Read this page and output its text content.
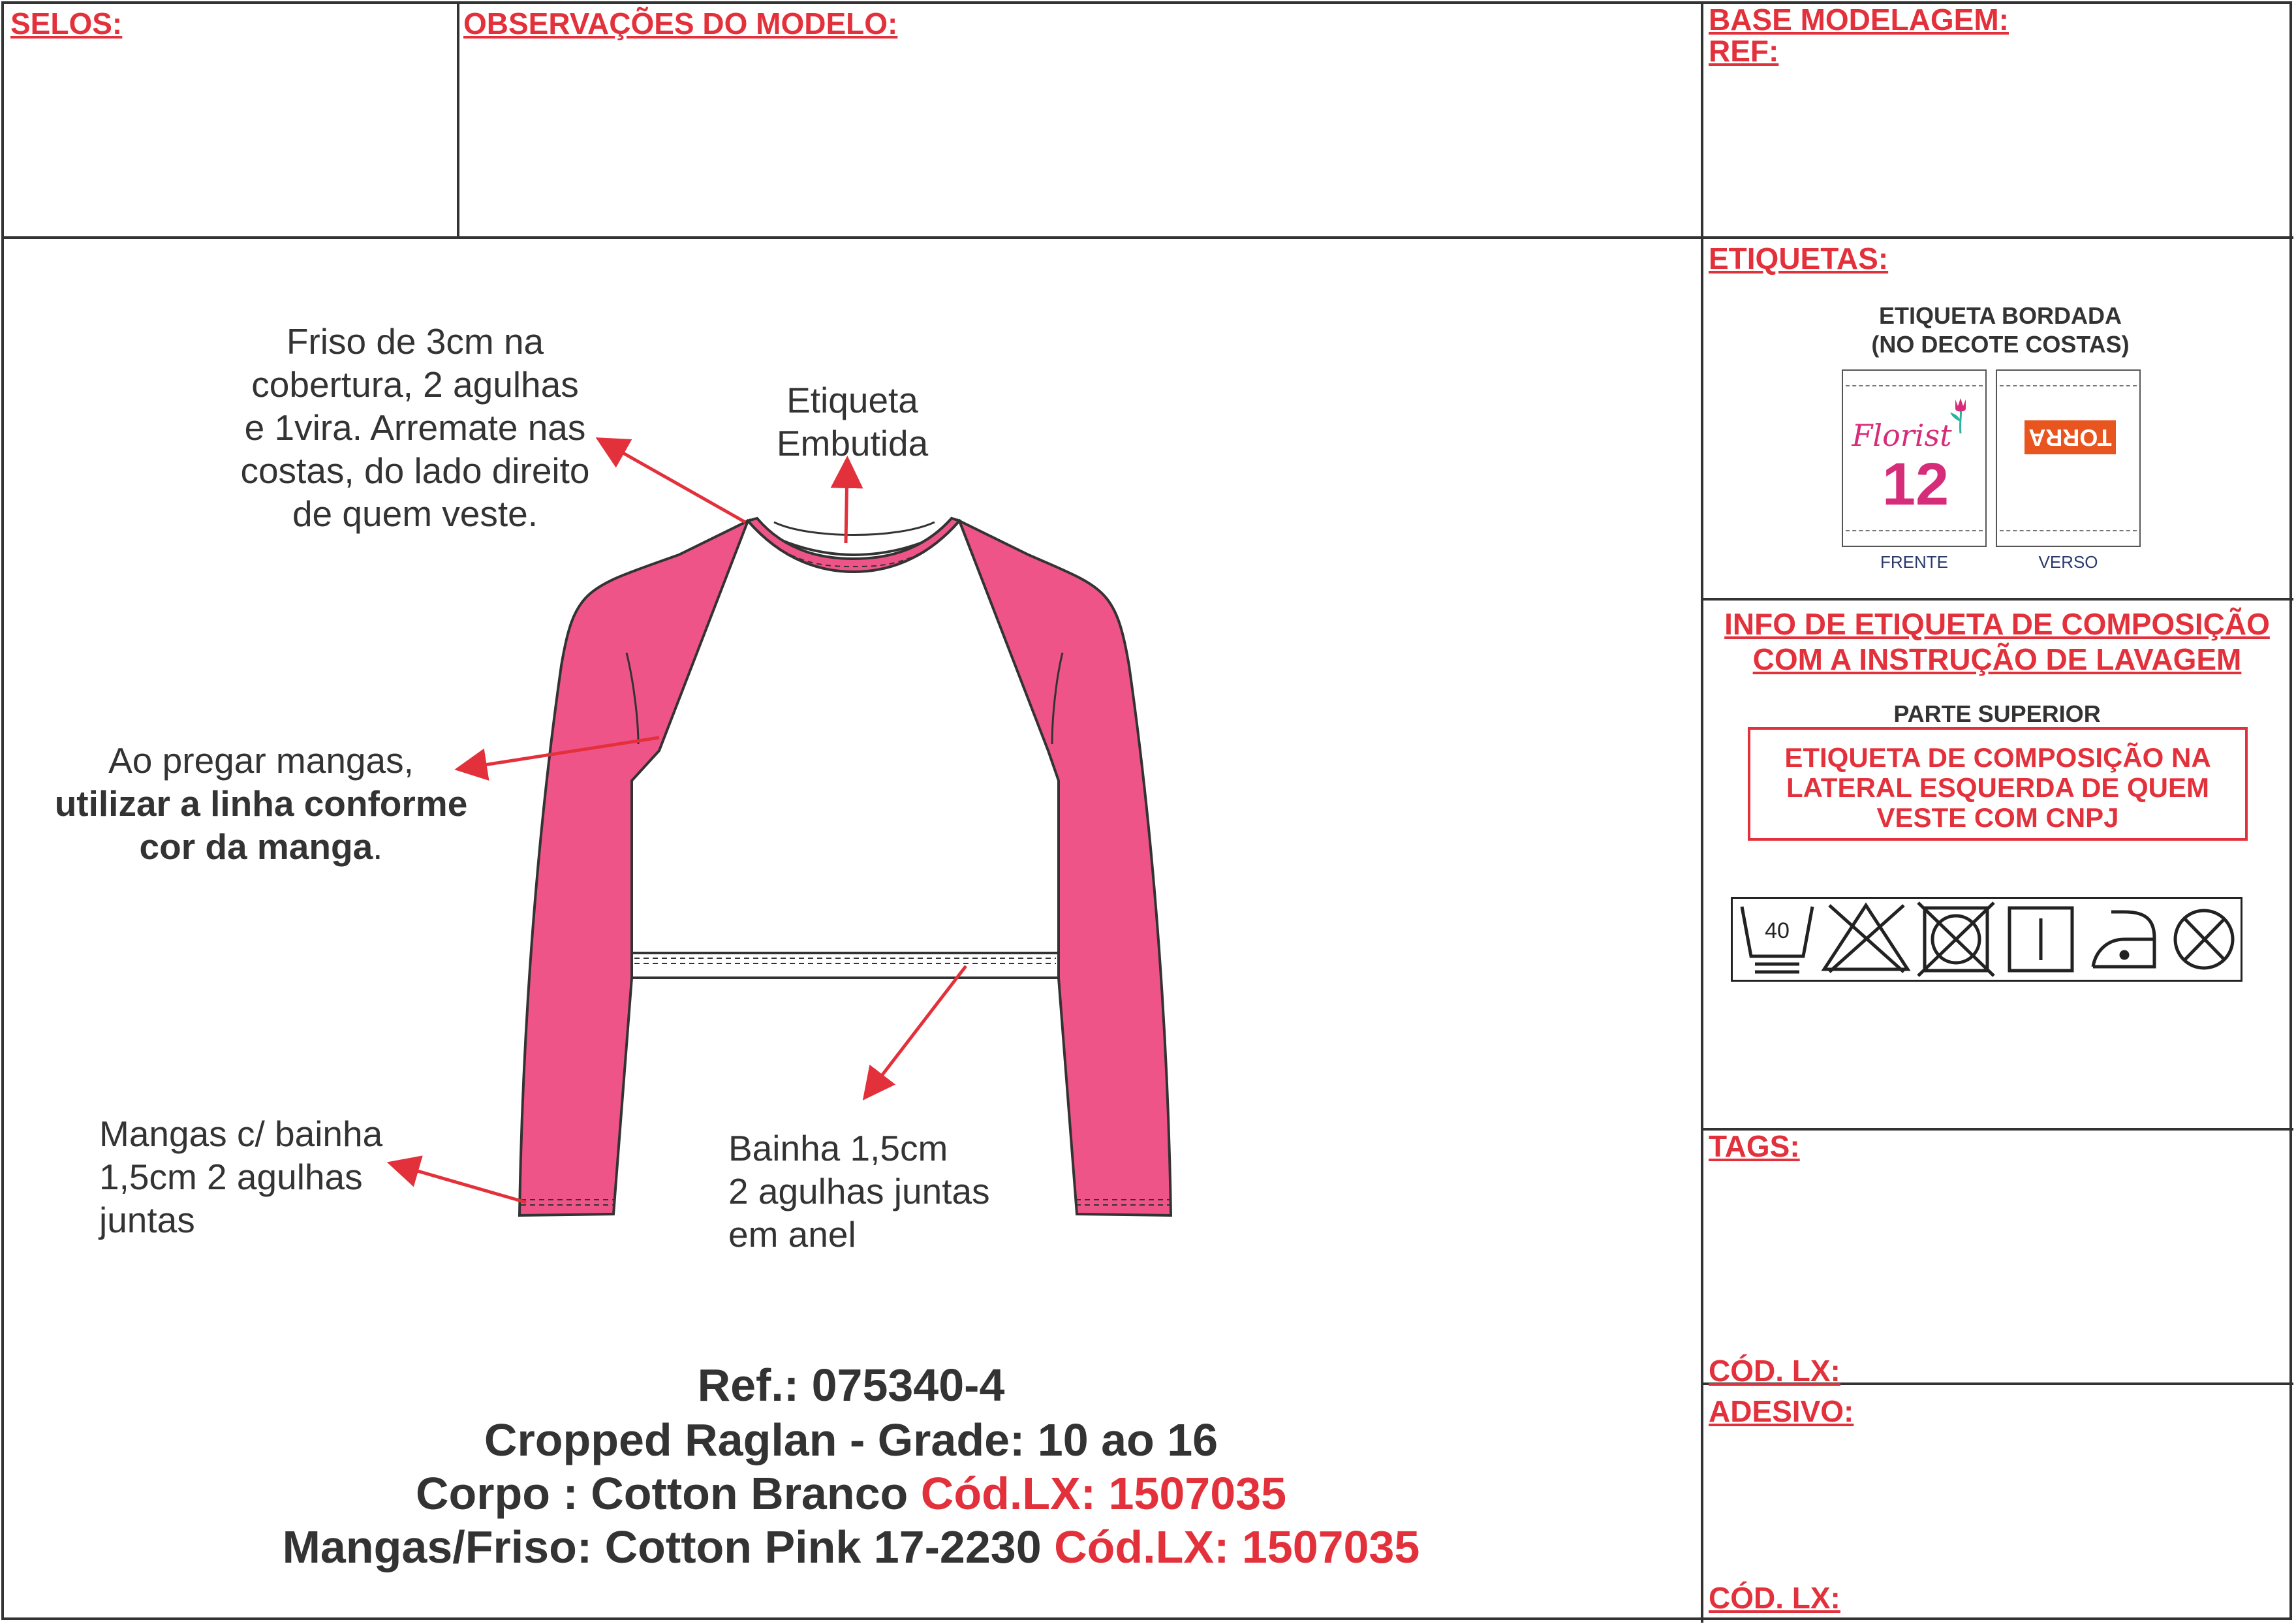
SELOS:	OBSERVAÇÕES DO MODELO:	BASE MODELAGEM:
REF:
ETIQUETAS:
ETIQUETA BORDADA
(NO DECOTE COSTAS)
Florist
12
TORRA
FRENTE	VERSO
INFO DE ETIQUETA DE COMPOSIÇÃO
COM A INSTRUÇÃO DE LAVAGEM
PARTE SUPERIOR
ETIQUETA DE COMPOSIÇÃO NA
LATERAL ESQUERDA DE QUEM
VESTE COM CNPJ
40
TAGS:
CÓD. LX:
ADESIVO:
CÓD. LX:
Friso de 3cm na
cobertura, 2 agulhas
e 1vira. Arremate nas
costas, do lado direito
de quem veste.
Etiqueta
Embutida
Ao pregar mangas,
utilizar a linha conforme
cor da manga.
Mangas c/ bainha
1,5cm 2 agulhas
juntas
Bainha 1,5cm
2 agulhas juntas
em anel
Ref.: 075340-4
Cropped Raglan - Grade: 10 ao 16
Corpo : Cotton Branco Cód.LX: 1507035
Mangas/Friso: Cotton Pink 17-2230 Cód.LX: 1507035
